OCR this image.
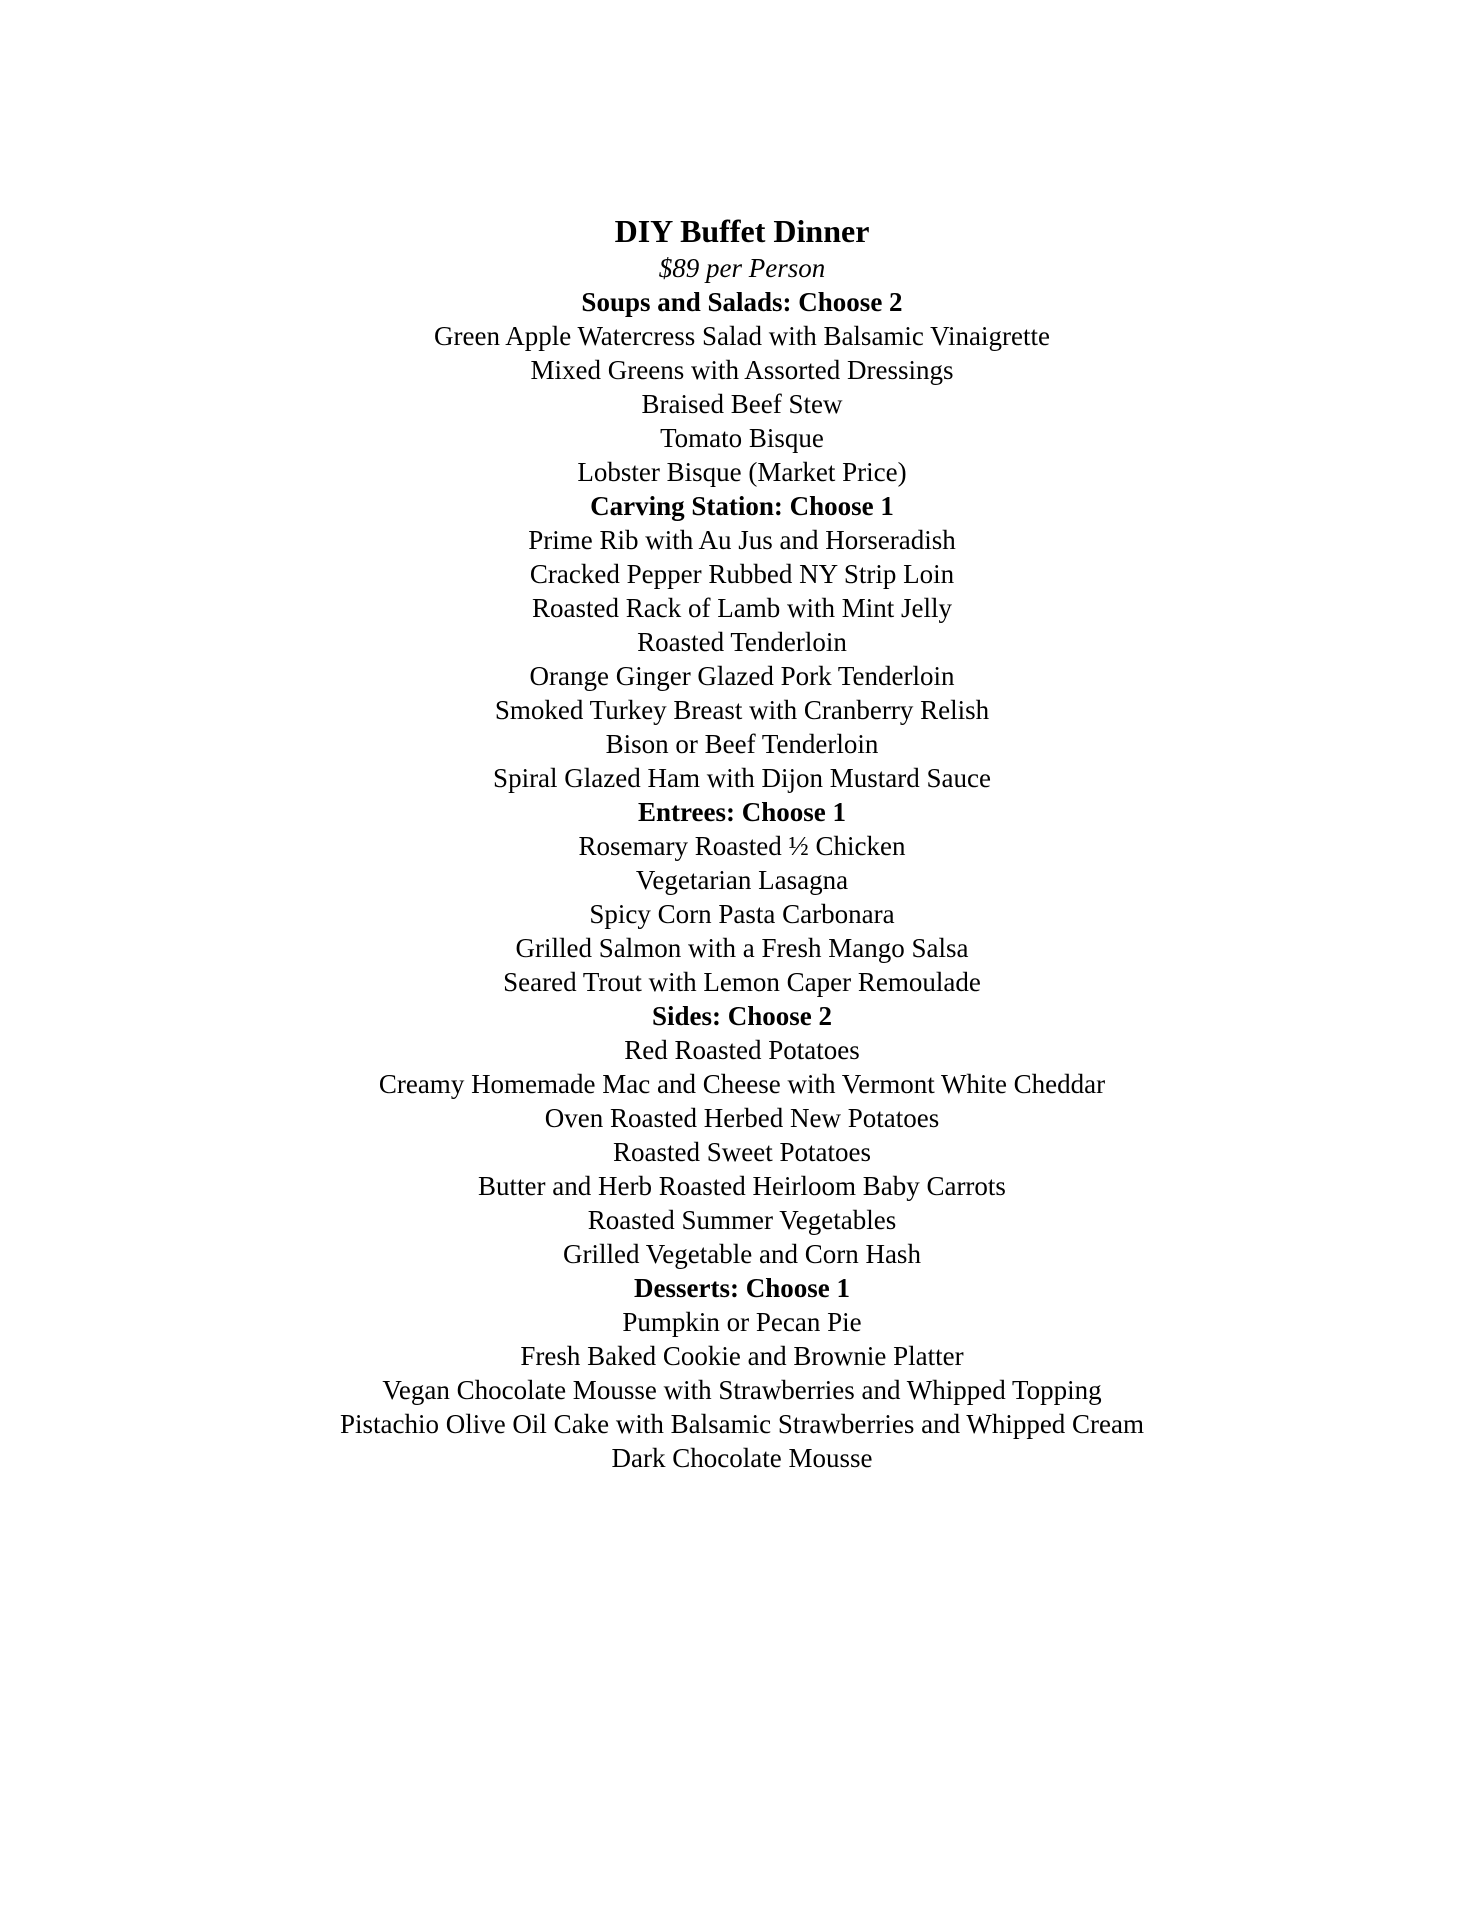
DIY Buffet Dinner

$89 per Person

Soups and Salads: Choose 2
Green Apple Watercress Salad with Balsamic Vinaigrette
Mixed Greens with Assorted Dressings
Braised Beef Stew
Tomato Bisque
Lobster Bisque (Market Price)
Carving Station: Choose 1
Prime Rib with Au Jus and Horseradish
Cracked Pepper Rubbed NY Strip Loin
Roasted Rack of Lamb with Mint Jelly
Roasted Tenderloin
Orange Ginger Glazed Pork Tenderloin
Smoked Turkey Breast with Cranberry Relish
Bison or Beef Tenderloin
Spiral Glazed Ham with Dijon Mustard Sauce
Entrees: Choose 1
Rosemary Roasted ½ Chicken
Vegetarian Lasagna
Spicy Corn Pasta Carbonara
Grilled Salmon with a Fresh Mango Salsa
Seared Trout with Lemon Caper Remoulade
Sides: Choose 2
Red Roasted Potatoes
Creamy Homemade Mac and Cheese with Vermont White Cheddar
Oven Roasted Herbed New Potatoes
Roasted Sweet Potatoes
Butter and Herb Roasted Heirloom Baby Carrots
Roasted Summer Vegetables
Grilled Vegetable and Corn Hash
Desserts: Choose 1
Pumpkin or Pecan Pie
Fresh Baked Cookie and Brownie Platter
Vegan Chocolate Mousse with Strawberries and Whipped Topping
Pistachio Olive Oil Cake with Balsamic Strawberries and Whipped Cream
Dark Chocolate Mousse
